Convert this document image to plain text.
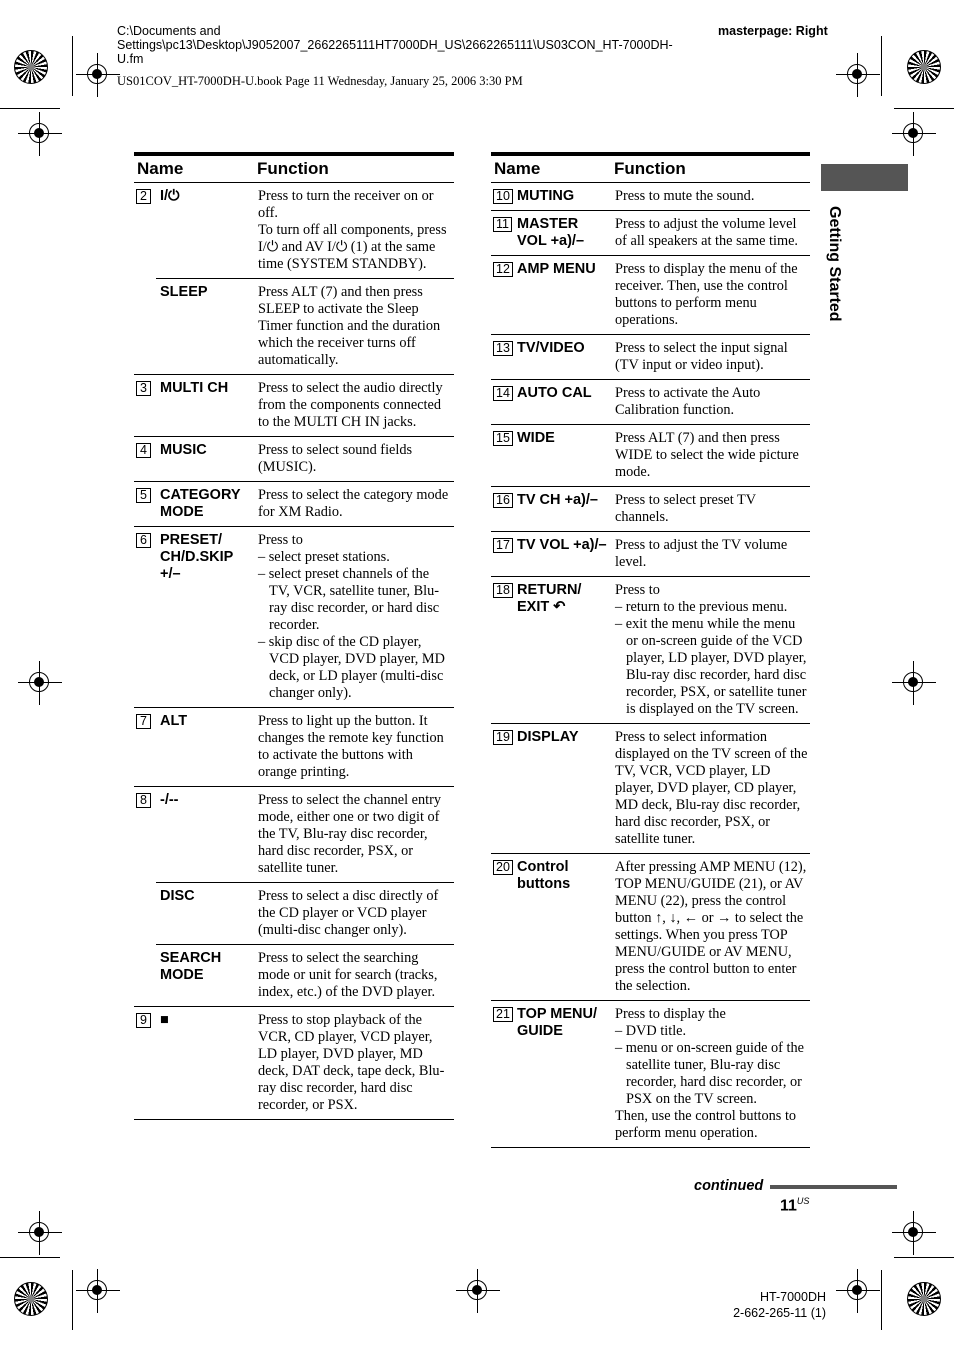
C:\Documents and Settings\pc13\Desktop\J9052007_2662265111HT7000DH_US\2662265111\US03CON_HT-7000DH-U.fm
US01COV_HT-7000DH-U.book Page 11 Wednesday, January 25, 2006 3:30 PM
masterpage: Right
Name		Function
2	I/⏻	Press to turn the receiver on or off.
To turn off all components, press I/⏻ and AV I/⏻ (1) at the same time (SYSTEM STANDBY).

	SLEEP	Press ALT (7) and then press SLEEP to activate the Sleep Timer function and the duration which the receiver turns off automatically.

3	MULTI CH	Press to select the audio directly from the components connected to the MULTI CH IN jacks.

4	MUSIC	Press to select sound fields (MUSIC).

5	CATEGORY MODE	Press to select the category mode for XM Radio.

6	PRESET/ CH/D.SKIP +/–	Press to
– select preset stations.
– select preset channels of the TV, VCR, satellite tuner, Blu-ray disc recorder, or hard disc recorder.
– skip disc of the CD player, VCD player, DVD player, MD deck, or LD player (multi-disc changer only).

7	ALT	Press to light up the button. It changes the remote key function to activate the buttons with orange printing.

8	-/--	Press to select the channel entry mode, either one or two digit of the TV, Blu-ray disc recorder, hard disc recorder, PSX, or satellite tuner.

	DISC	Press to select a disc directly of the CD player or VCD player (multi-disc changer only).

	SEARCH MODE	Press to select the searching mode or unit for search (tracks, index, etc.) of the DVD player.

9	■	Press to stop playback of the VCR, CD player, VCD player, LD player, DVD player, MD deck, DAT deck, tape deck, Blu-ray disc recorder, hard disc recorder, or PSX.
Name		Function
10	MUTING	Press to mute the sound.

11	MASTER VOL +a)/–	Press to adjust the volume level of all speakers at the same time.

12	AMP MENU	Press to display the menu of the receiver. Then, use the control buttons to perform menu operations.

13	TV/VIDEO	Press to select the input signal (TV input or video input).

14	AUTO CAL	Press to activate the Auto Calibration function.

15	WIDE	Press ALT (7) and then press WIDE to select the wide picture mode.

16	TV CH +a)/–	Press to select preset TV channels.

17	TV VOL +a)/–	Press to adjust the TV volume level.

18	RETURN/ EXIT ↶	Press to
– return to the previous menu.
– exit the menu while the menu or on-screen guide of the VCD player, LD player, DVD player, Blu-ray disc recorder, hard disc recorder, PSX, or satellite tuner is displayed on the TV screen.

19	DISPLAY	Press to select information displayed on the TV screen of the TV, VCR, VCD player, LD player, DVD player, CD player, MD deck, Blu-ray disc recorder, hard disc recorder, PSX, or satellite tuner.

20	Control buttons	After pressing AMP MENU (12), TOP MENU/GUIDE (21), or AV MENU (22), press the control button ↑, ↓, ← or → to select the settings. When you press TOP MENU/GUIDE or AV MENU, press the control button to enter the selection.

21	TOP MENU/ GUIDE	Press to display the
– DVD title.
– menu or on-screen guide of the satellite tuner, Blu-ray disc recorder, hard disc recorder, or PSX on the TV screen.
Then, use the control buttons to perform menu operation.
Getting Started
continued
$11^{US}$
HT-7000DH
2-662-265-11 (1)
